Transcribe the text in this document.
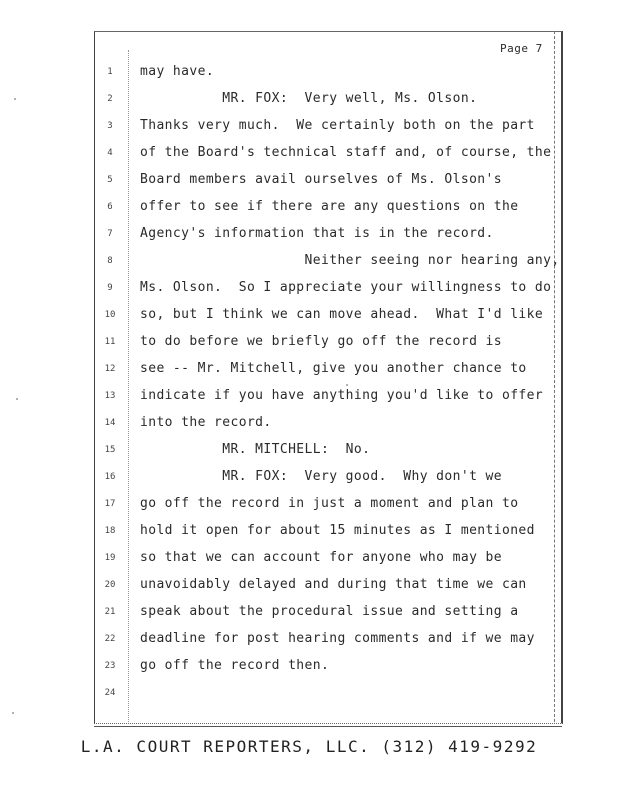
Page 7
1	may have.
2	MR. FOX:  Very well, Ms. Olson.
3	Thanks very much.  We certainly both on the part
4	of the Board's technical staff and, of course, the
5	Board members avail ourselves of Ms. Olson's
6	offer to see if there are any questions on the
7	Agency's information that is in the record.
8	Neither seeing nor hearing any,
9	Ms. Olson.  So I appreciate your willingness to do
10	so, but I think we can move ahead.  What I'd like
11	to do before we briefly go off the record is
12	see -- Mr. Mitchell, give you another chance to
13	indicate if you have anything you'd like to offer
14	into the record.
15	MR. MITCHELL:  No.
16	MR. FOX:  Very good.  Why don't we
17	go off the record in just a moment and plan to
18	hold it open for about 15 minutes as I mentioned
19	so that we can account for anyone who may be
20	unavoidably delayed and during that time we can
21	speak about the procedural issue and setting a
22	deadline for post hearing comments and if we may
23	go off the record then.
24
L.A. COURT REPORTERS, LLC. (312) 419-9292
